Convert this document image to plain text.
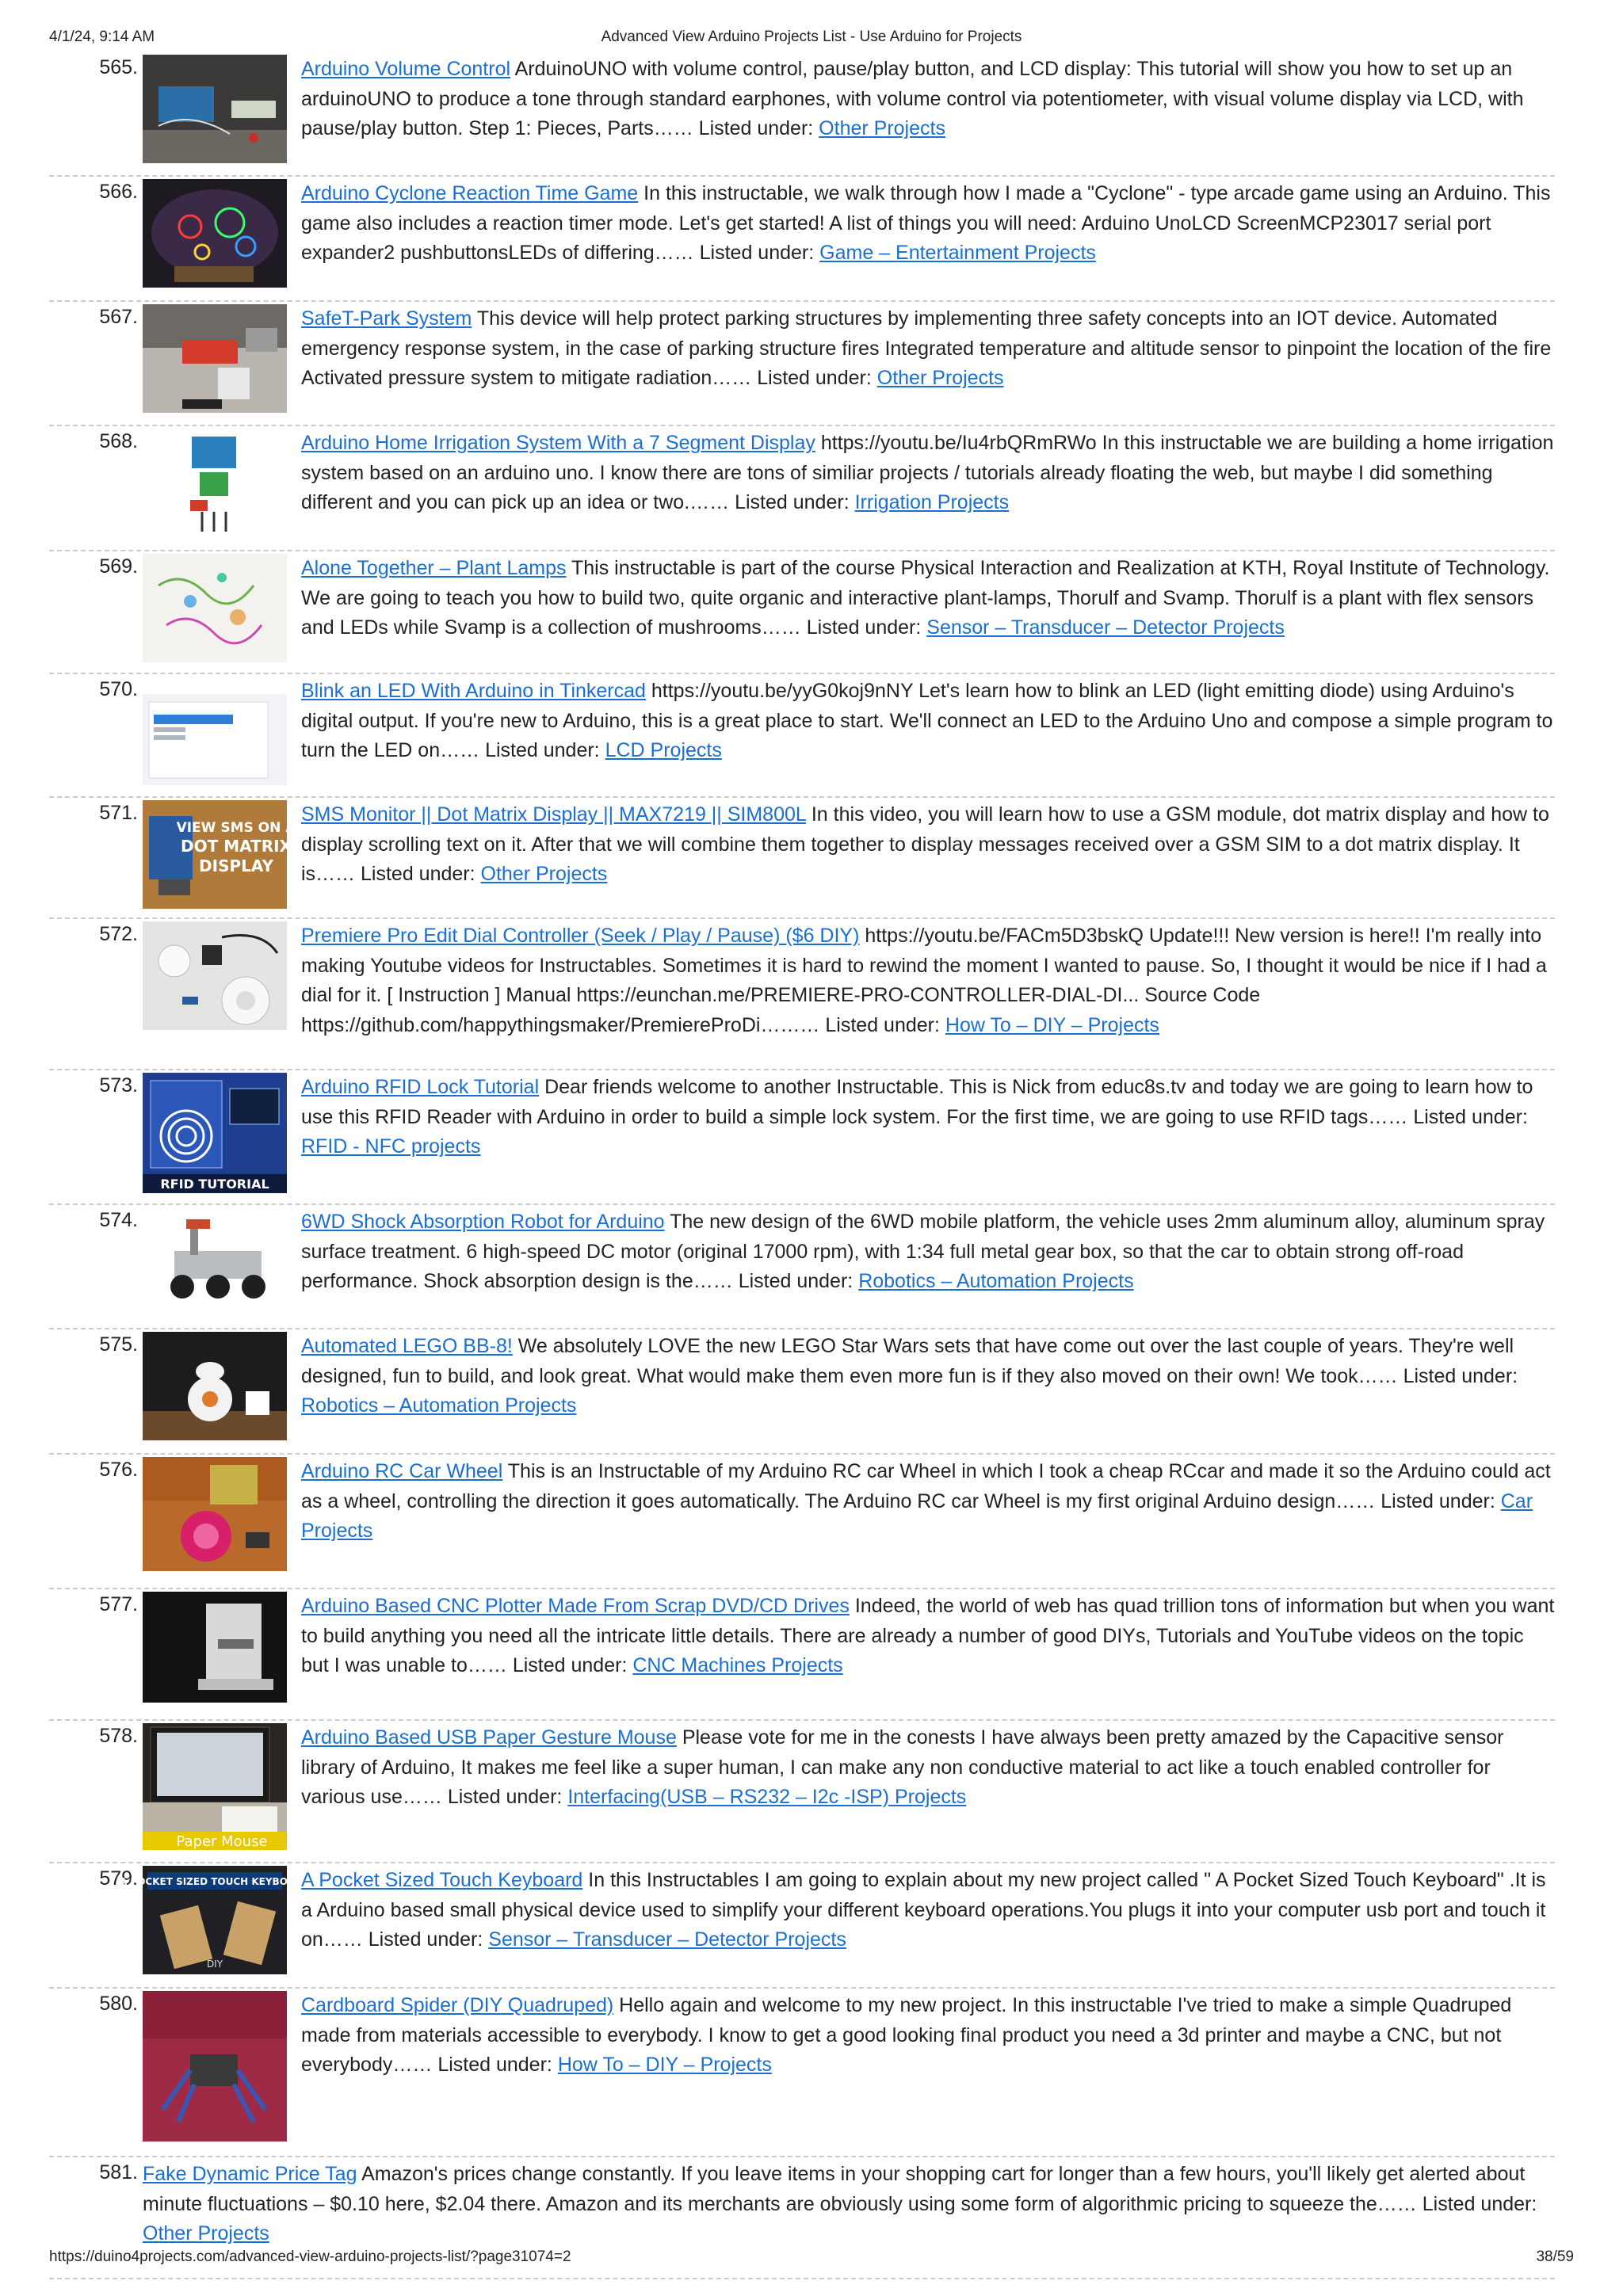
4/1/24, 9:14 AM	Advanced View Arduino Projects List - Use Arduino for Projects
565.	Arduino Volume Control ArduinoUNO with volume control, pause/play button, and LCD display: This tutorial will show you how to set up an arduinoUNO to produce a tone through standard earphones, with volume control via potentiometer, with visual volume display via LCD, with pause/play button. Step 1: Pieces, Parts…… Listed under: Other Projects
566.	Arduino Cyclone Reaction Time Game In this instructable, we walk through how I made a "Cyclone" - type arcade game using an Arduino. This game also includes a reaction timer mode. Let's get started! A list of things you will need: Arduino UnoLCD ScreenMCP23017 serial port expander2 pushbuttonsLEDs of differing…… Listed under: Game – Entertainment Projects
567.	SafeT-Park System This device will help protect parking structures by implementing three safety concepts into an IOT device. Automated emergency response system, in the case of parking structure fires Integrated temperature and altitude sensor to pinpoint the location of the fire Activated pressure system to mitigate radiation…… Listed under: Other Projects
568.	Arduino Home Irrigation System With a 7 Segment Display https://youtu.be/Iu4rbQRmRWo In this instructable we are building a home irrigation system based on an arduino uno. I know there are tons of similiar projects / tutorials already floating the web, but maybe I did something different and you can pick up an idea or two.…… Listed under: Irrigation Projects
569.	Alone Together – Plant Lamps This instructable is part of the course Physical Interaction and Realization at KTH, Royal Institute of Technology. We are going to teach you how to build two, quite organic and interactive plant-lamps, Thorulf and Svamp. Thorulf is a plant with flex sensors and LEDs while Svamp is a collection of mushrooms…… Listed under: Sensor – Transducer – Detector Projects
570.	Blink an LED With Arduino in Tinkercad https://youtu.be/yyG0koj9nNY Let's learn how to blink an LED (light emitting diode) using Arduino's digital output. If you're new to Arduino, this is a great place to start. We'll connect an LED to the Arduino Uno and compose a simple program to turn the LED on…… Listed under: LCD Projects
571.
VIEW SMS ON A
DOT MATRIX
DISPLAY
SMS Monitor || Dot Matrix Display || MAX7219 || SIM800L In this video, you will learn how to use a GSM module, dot matrix display and how to display scrolling text on it. After that we will combine them together to display messages received over a GSM SIM to a dot matrix display. It is…… Listed under: Other Projects
572.	Premiere Pro Edit Dial Controller (Seek / Play / Pause) ($6 DIY) https://youtu.be/FACm5D3bskQ Update!!! New version is here!! I'm really into making Youtube videos for Instructables. Sometimes it is hard to rewind the moment I wanted to pause. So, I thought it would be nice if I had a dial for it. [ Instruction ] Manual https://eunchan.me/PREMIERE-PRO-CONTROLLER-DIAL-DI... Source Code https://github.com/happythingsmaker/PremiereProDi……… Listed under: How To – DIY – Projects
573.
RFID TUTORIAL
Arduino RFID Lock Tutorial Dear friends welcome to another Instructable. This is Nick from educ8s.tv and today we are going to learn how to use this RFID Reader with Arduino in order to build a simple lock system. For the first time, we are going to use RFID tags…… Listed under: RFID - NFC projects
574.	6WD Shock Absorption Robot for Arduino The new design of the 6WD mobile platform, the vehicle uses 2mm aluminum alloy, aluminum spray surface treatment. 6 high-speed DC motor (original 17000 rpm), with 1:34 full metal gear box, so that the car to obtain strong off-road performance. Shock absorption design is the…… Listed under: Robotics – Automation Projects
575.	Automated LEGO BB-8! We absolutely LOVE the new LEGO Star Wars sets that have come out over the last couple of years. They're well designed, fun to build, and look great. What would make them even more fun is if they also moved on their own! We took…… Listed under: Robotics – Automation Projects
576.	Arduino RC Car Wheel This is an Instructable of my Arduino RC car Wheel in which I took a cheap RCcar and made it so the Arduino could act as a wheel, controlling the direction it goes automatically. The Arduino RC car Wheel is my first original Arduino design…… Listed under: Car Projects
577.	Arduino Based CNC Plotter Made From Scrap DVD/CD Drives Indeed, the world of web has quad trillion tons of information but when you want to build anything you need all the intricate little details. There are already a number of good DIYs, Tutorials and YouTube videos on the topic but I was unable to…… Listed under: CNC Machines Projects
578.
Paper Mouse
Arduino Based USB Paper Gesture Mouse Please vote for me in the conests I have always been pretty amazed by the Capacitive sensor library of Arduino, It makes me feel like a super human, I can make any non conductive material to act like a touch enabled controller for various use…… Listed under: Interfacing(USB – RS232 – I2c -ISP) Projects
579.
A POCKET SIZED TOUCH KEYBOARD
DIY
A Pocket Sized Touch Keyboard In this Instructables I am going to explain about my new project called " A Pocket Sized Touch Keyboard" .It is a Arduino based small physical device used to simplify your different keyboard operations.You plugs it into your computer usb port and touch it on…… Listed under: Sensor – Transducer – Detector Projects
580.	Cardboard Spider (DIY Quadruped) Hello again and welcome to my new project. In this instructable I've tried to make a simple Quadruped made from materials accessible to everybody. I know to get a good looking final product you need a 3d printer and maybe a CNC, but not everybody…… Listed under: How To – DIY – Projects
581. Fake Dynamic Price Tag Amazon's prices change constantly. If you leave items in your shopping cart for longer than a few hours, you'll likely get alerted about minute fluctuations – $0.10 here, $2.04 there. Amazon and its merchants are obviously using some form of algorithmic pricing to squeeze the…… Listed under: Other Projects
https://duino4projects.com/advanced-view-arduino-projects-list/?page31074=2	38/59
